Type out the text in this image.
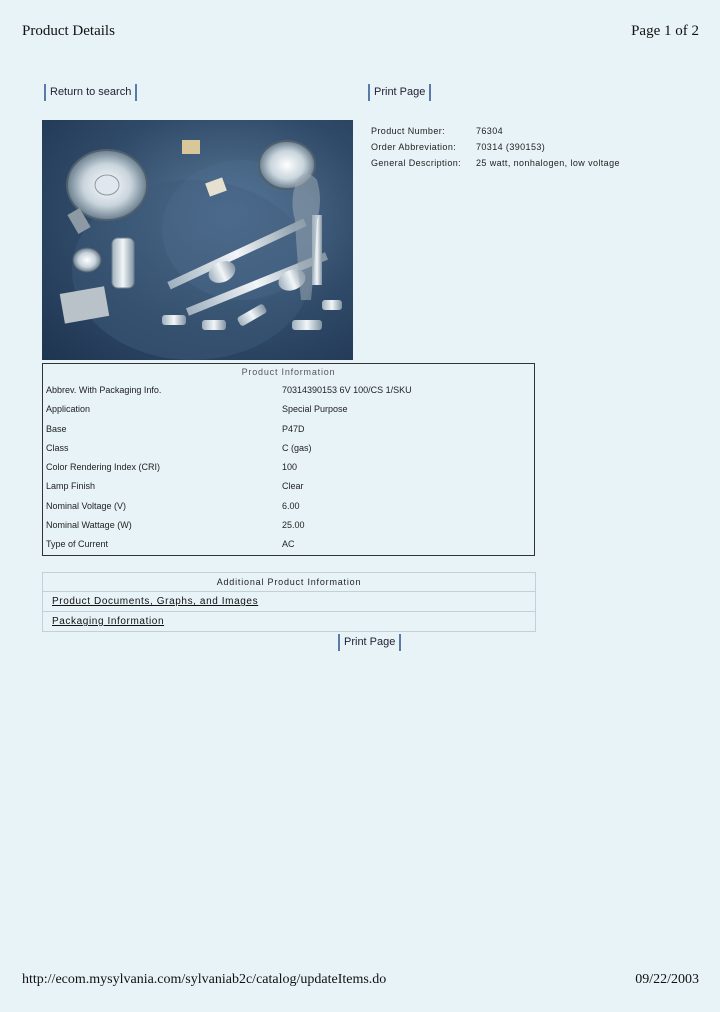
Product Details	Page 1 of 2
Return to search	Print Page
Product Number:	76304
Order Abbreviation:	70314 (390153)
General Description:	25 watt, nonhalogen, low voltage
Product Information
Abbrev. With Packaging Info.	70314390153 6V 100/CS 1/SKU
Application	Special Purpose
Base	P47D
Class	C (gas)
Color Rendering Index (CRI)	100
Lamp Finish	Clear
Nominal Voltage (V)	6.00
Nominal Wattage (W)	25.00
Type of Current	AC
Additional Product Information
Product Documents, Graphs, and Images
Packaging Information
Print Page
http://ecom.mysylvania.com/sylvaniab2c/catalog/updateItems.do	09/22/2003
